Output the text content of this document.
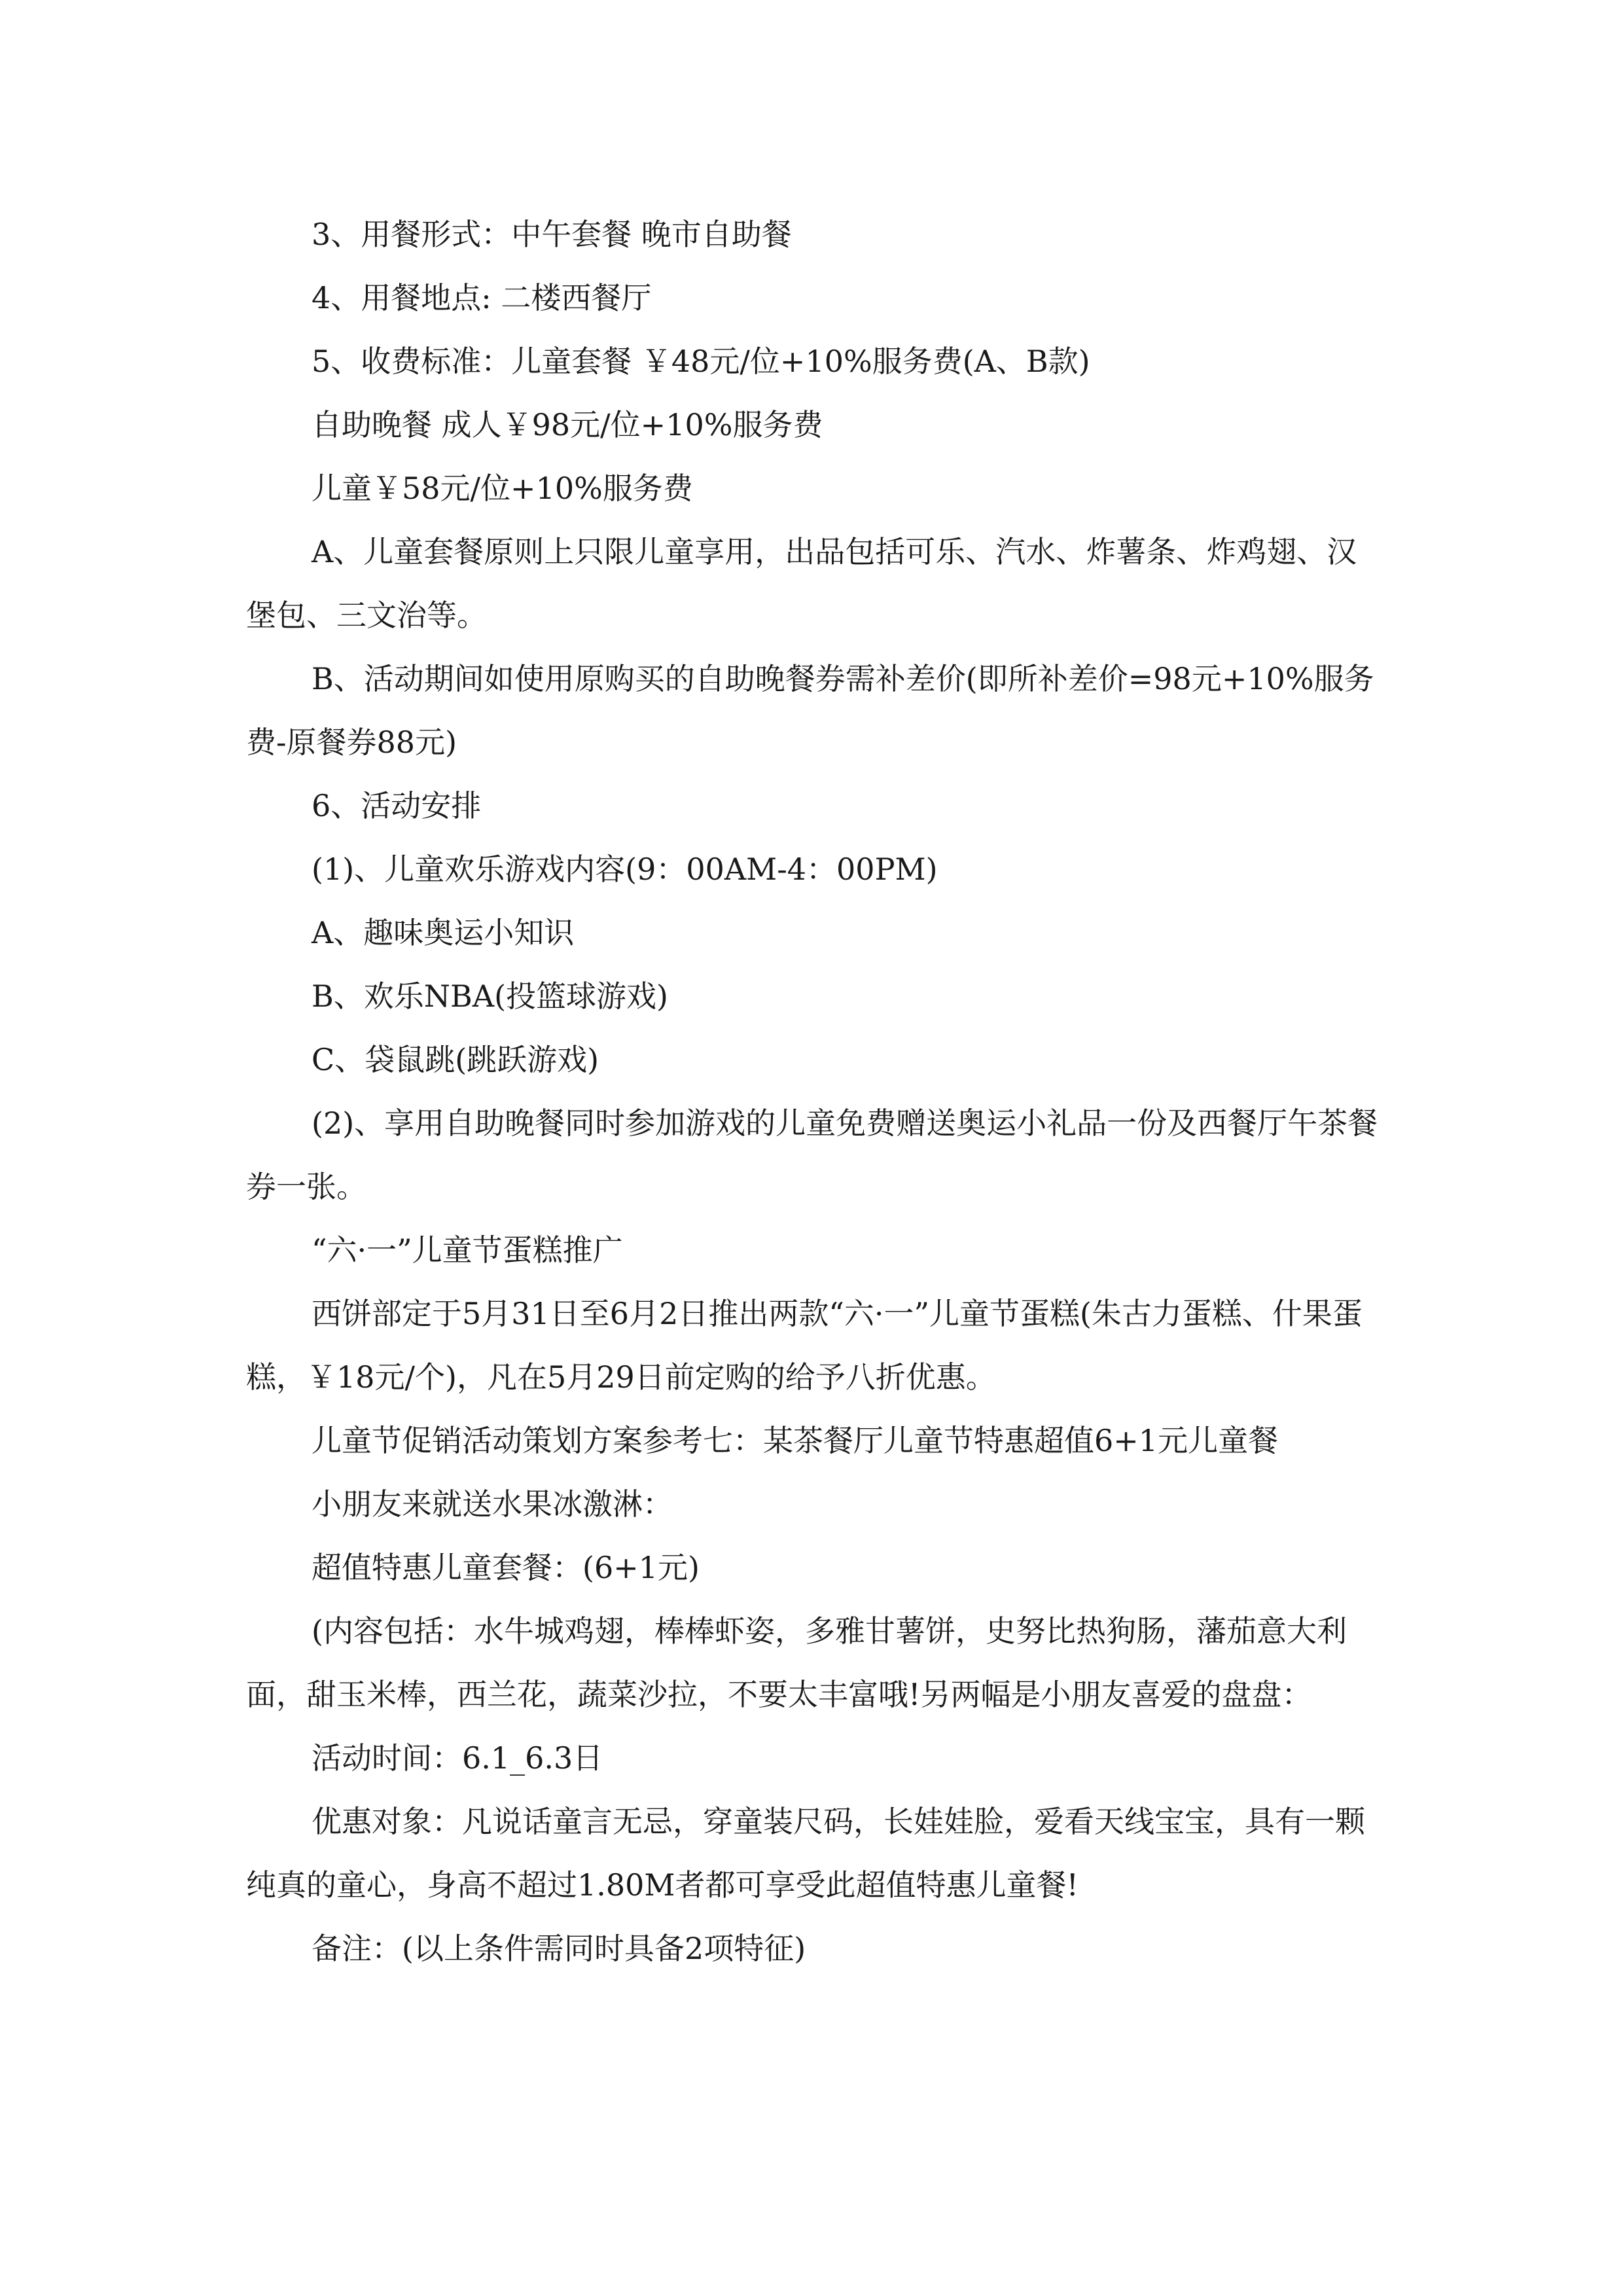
3、用餐形式：中午套餐 晚市自助餐

4、用餐地点: 二楼西餐厅

5、收费标准：儿童套餐 ￥48元/位+10%服务费(A、B款)

自助晚餐 成人￥98元/位+10%服务费

儿童￥58元/位+10%服务费

A、儿童套餐原则上只限儿童享用，出品包括可乐、汽水、炸薯条、炸鸡翅、汉堡包、三文治等。

B、活动期间如使用原购买的自助晚餐券需补差价(即所补差价=98元+10%服务费-原餐券88元)

6、活动安排

(1)、儿童欢乐游戏内容(9：00AM-4：00PM)

A、趣味奥运小知识

B、欢乐NBA(投篮球游戏)

C、袋鼠跳(跳跃游戏)

(2)、享用自助晚餐同时参加游戏的儿童免费赠送奥运小礼品一份及西餐厅午茶餐券一张。

“六·一”儿童节蛋糕推广

西饼部定于5月31日至6月2日推出两款“六·一”儿童节蛋糕(朱古力蛋糕、什果蛋糕，￥18元/个)，凡在5月29日前定购的给予八折优惠。

儿童节促销活动策划方案参考七：某茶餐厅儿童节特惠超值6+1元儿童餐

小朋友来就送水果冰激淋：

超值特惠儿童套餐：(6+1元)

(内容包括：水牛城鸡翅，棒棒虾姿，多雅甘薯饼，史努比热狗肠，藩茄意大利面，甜玉米棒，西兰花，蔬菜沙拉，不要太丰富哦!另两幅是小朋友喜爱的盘盘：

活动时间：6.1_6.3日

优惠对象：凡说话童言无忌，穿童装尺码，长娃娃脸，爱看天线宝宝，具有一颗纯真的童心，身高不超过1.80M者都可享受此超值特惠儿童餐!

备注：(以上条件需同时具备2项特征)
